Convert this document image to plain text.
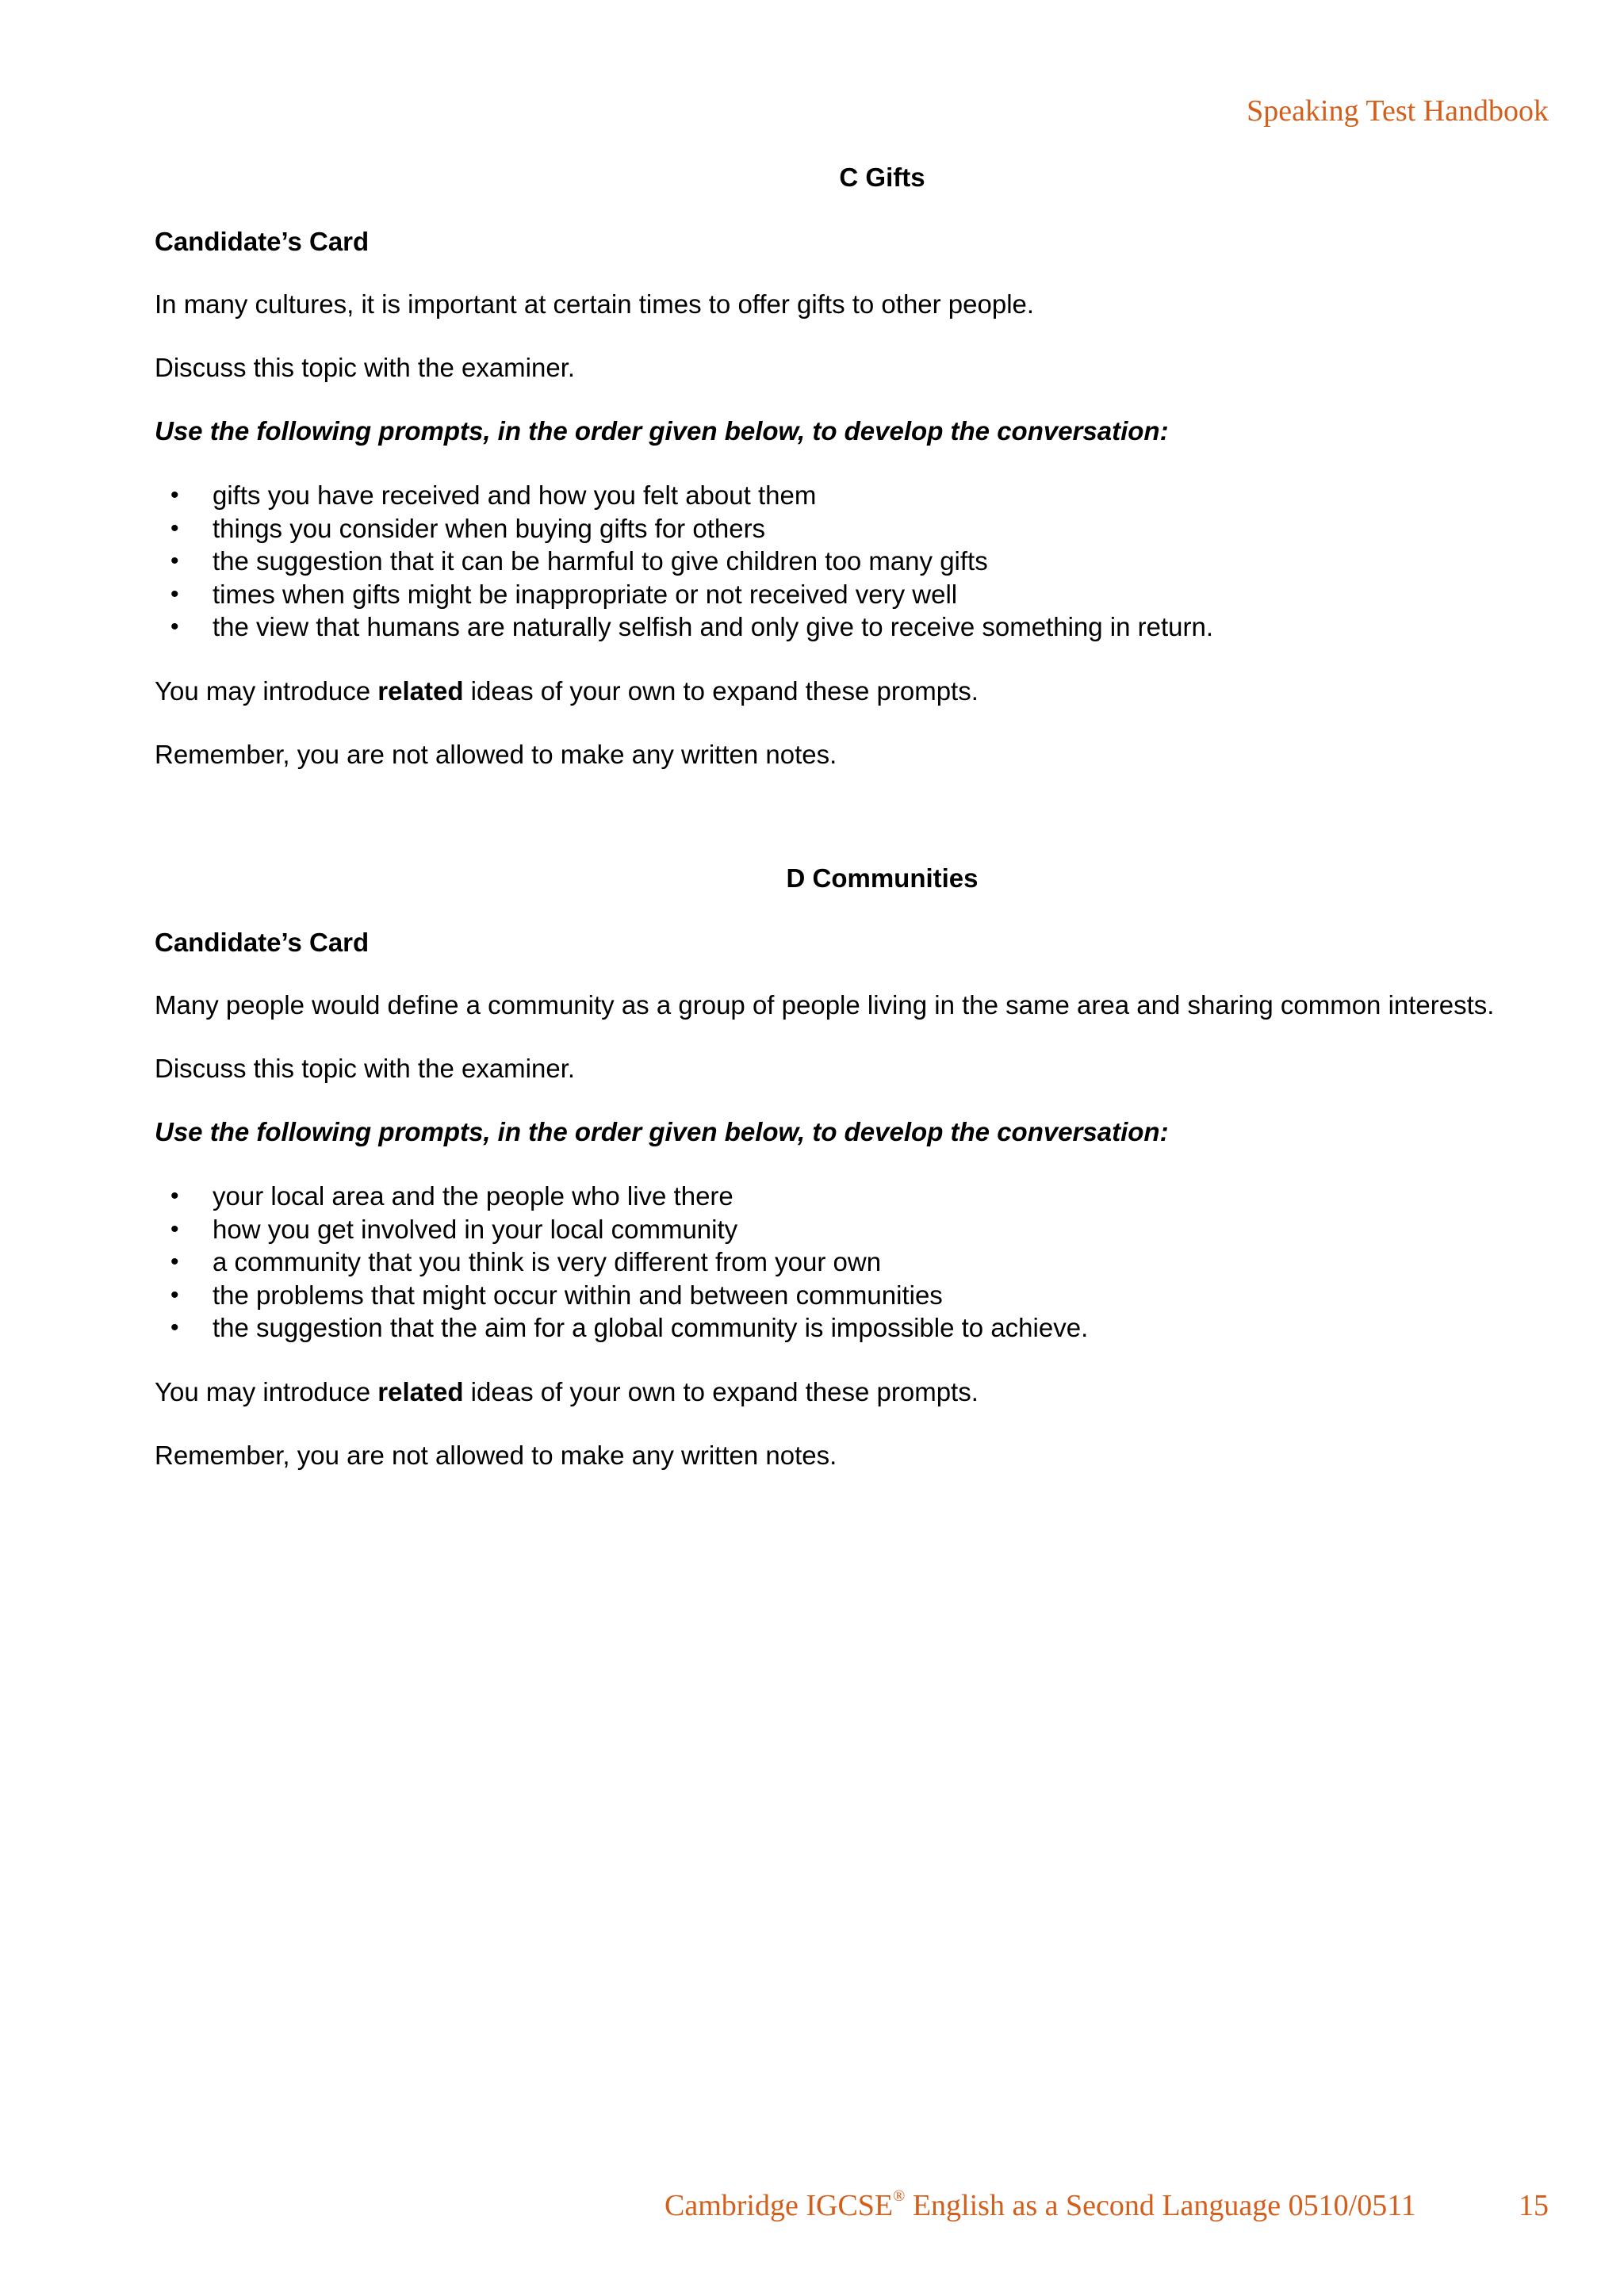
Speaking Test Handbook
C Gifts
Candidate’s Card
In many cultures, it is important at certain times to offer gifts to other people.
Discuss this topic with the examiner.
Use the following prompts, in the order given below, to develop the conversation:
• gifts you have received and how you felt about them
• things you consider when buying gifts for others
• the suggestion that it can be harmful to give children too many gifts
• times when gifts might be inappropriate or not received very well
• the view that humans are naturally selfish and only give to receive something in return.
You may introduce related ideas of your own to expand these prompts.
Remember, you are not allowed to make any written notes.
D Communities
Candidate’s Card
Many people would define a community as a group of people living in the same area and sharing common interests.
Discuss this topic with the examiner.
Use the following prompts, in the order given below, to develop the conversation:
• your local area and the people who live there
• how you get involved in your local community
• a community that you think is very different from your own
• the problems that might occur within and between communities
• the suggestion that the aim for a global community is impossible to achieve.
You may introduce related ideas of your own to expand these prompts.
Remember, you are not allowed to make any written notes.
Cambridge IGCSE® English as a Second Language 0510/0511	15
